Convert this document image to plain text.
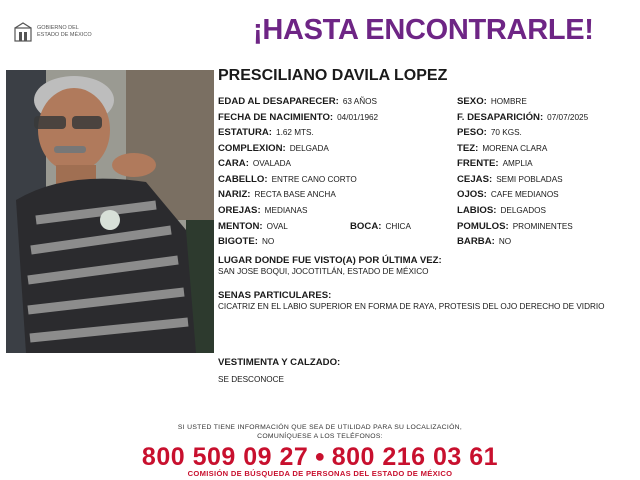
GOBIERNO DEL
ESTADO DE MÉXICO	¡HASTA ENCONTRARLE!
PRESCILIANO DAVILA LOPEZ
EDAD AL DESAPARECER: 63 AÑOS
FECHA DE NACIMIENTO: 04/01/1962
ESTATURA: 1.62 MTS.
COMPLEXION: DELGADA
CARA: OVALADA
CABELLO: ENTRE CANO CORTO
NARIZ: RECTA BASE ANCHA
OREJAS: MEDIANAS
MENTON: OVAL	BOCA: CHICA
BIGOTE: NO
SEXO: HOMBRE
F. DESAPARICIÓN: 07/07/2025
PESO: 70 KGS.
TEZ: MORENA CLARA
FRENTE: AMPLIA
CEJAS: SEMI POBLADAS
OJOS: CAFE MEDIANOS
LABIOS: DELGADOS
POMULOS: PROMINENTES
BARBA: NO
LUGAR DONDE FUE VISTO(A) POR ÚLTIMA VEZ:
SAN JOSE BOQUI, JOCOTITLÁN, ESTADO DE MÉXICO
SENAS PARTICULARES:
CICATRIZ EN EL LABIO SUPERIOR EN FORMA DE RAYA, PROTESIS DEL OJO DERECHO DE VIDRIO
VESTIMENTA Y CALZADO:
SE DESCONOCE
SI USTED TIENE INFORMACIÓN QUE SEA DE UTILIDAD PARA SU LOCALIZACIÓN,
COMUNÍQUESE A LOS TELÉFONOS:
800 509 09 27 ● 800 216 03 61
COMISIÓN DE BÚSQUEDA DE PERSONAS DEL ESTADO DE MÉXICO
